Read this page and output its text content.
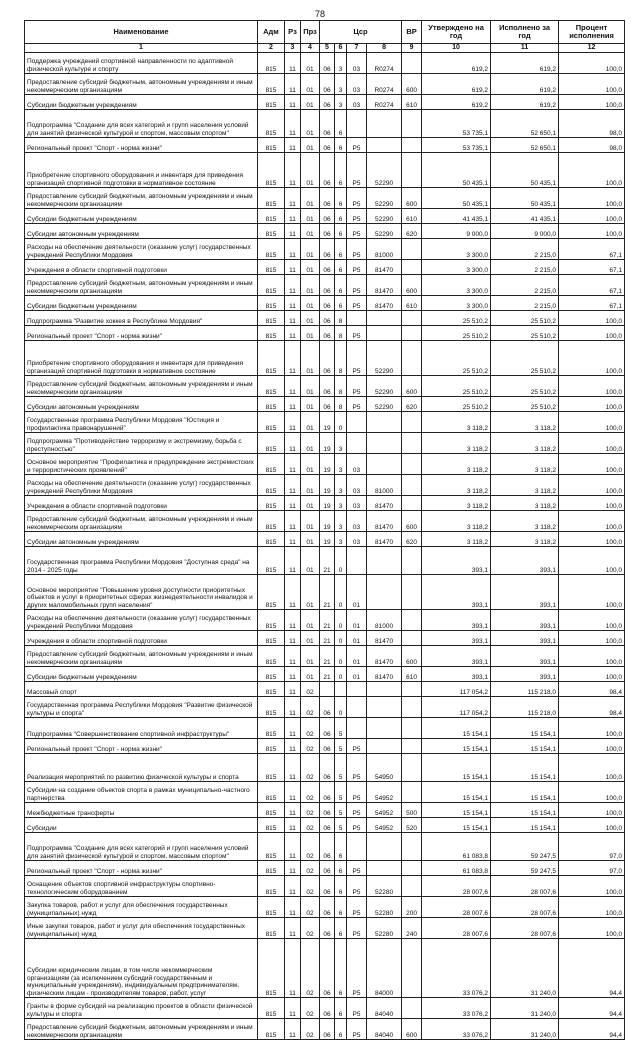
78
Наименование	Адм	Рз	Прз	Цср				ВР	Утверждено на год	Исполнено за год	Процент исполнения
1	2	3	4	5	6	7	8	9	10	11	12
Поддержка учреждений спортивной направленности по адаптивной физической культуре и спорту	815	11	01	06	3	03	R0274		619,2	619,2	100,0
Предоставление субсидий бюджетным, автономным учреждениям и иным некоммерческим организациям	815	11	01	06	3	03	R0274	600	619,2	619,2	100,0
Субсидии бюджетным учреждениям	815	11	01	06	3	03	R0274	610	619,2	619,2	100,0
Подпрограмма "Создание для всех категорий и групп населения условий для занятий физической культурой и спортом, массовым спортом"	815	11	01	06	6				53 735,1	52 650,1	98,0
Региональный проект "Спорт - норма жизни"	815	11	01	06	6	P5			53 735,1	52 650,1	98,0
Приобретение спортивного оборудования и инвентаря для приведения организаций спортивной подготовки в нормативное состояние	815	11	01	06	6	P5	52290		50 435,1	50 435,1	100,0
Предоставление субсидий бюджетным, автономным учреждениям и иным некоммерческим организациям	815	11	01	06	6	P5	52290	600	50 435,1	50 435,1	100,0
Субсидии бюджетным учреждениям	815	11	01	06	6	P5	52290	610	41 435,1	41 435,1	100,0
Субсидии автономным учреждениям	815	11	01	06	6	P5	52290	620	9 000,0	9 000,0	100,0
Расходы на обеспечение деятельности (оказание услуг) государственных учреждений Республики Мордовия	815	11	01	06	6	P5	81000		3 300,0	2 215,0	67,1
Учреждения в области спортивной подготовки	815	11	01	06	6	P5	81470		3 300,0	2 215,0	67,1
Предоставление субсидий бюджетным, автономным учреждениям и иным некоммерческим организациям	815	11	01	06	6	P5	81470	600	3 300,0	2 215,0	67,1
Субсидии бюджетным учреждениям	815	11	01	06	6	P5	81470	610	3 300,0	2 215,0	67,1
Подпрограмма "Развитие хоккея в Республике Мордовия"	815	11	01	06	8				25 510,2	25 510,2	100,0
Региональный проект "Спорт - норма жизни"	815	11	01	06	8	P5			25 510,2	25 510,2	100,0
Приобретение спортивного оборудования и инвентаря для приведения организаций спортивной подготовки в нормативное состояние	815	11	01	06	8	P5	52290		25 510,2	25 510,2	100,0
Предоставление субсидий бюджетным, автономным учреждениям и иным некоммерческим организациям	815	11	01	06	8	P5	52290	600	25 510,2	25 510,2	100,0
Субсидии автономным учреждениям	815	11	01	06	8	P5	52290	620	25 510,2	25 510,2	100,0
Государственная программа Республики Мордовия "Юстиция и профилактика правонарушений"	815	11	01	19	0				3 118,2	3 118,2	100,0
Подпрограмма "Противодействие терроризму и экстремизму, борьба с преступностью"	815	11	01	19	3				3 118,2	3 118,2	100,0
Основное мероприятие "Профилактика и предупреждение экстремистских и террористических проявлений"	815	11	01	19	3	03			3 118,2	3 118,2	100,0
Расходы на обеспечение деятельности (оказание услуг) государственных учреждений Республики Мордовия	815	11	01	19	3	03	81000		3 118,2	3 118,2	100,0
Учреждения в области спортивной подготовки	815	11	01	19	3	03	81470		3 118,2	3 118,2	100,0
Предоставление субсидий бюджетным, автономным учреждениям и иным некоммерческим организациям	815	11	01	19	3	03	81470	600	3 118,2	3 118,2	100,0
Субсидии автономным учреждениям	815	11	01	19	3	03	81470	620	3 118,2	3 118,2	100,0
Государственная программа Республики Мордовия "Доступная среда" на 2014 - 2025 годы	815	11	01	21	0				393,1	393,1	100,0
Основное мероприятие "Повышение уровня доступности приоритетных объектов и услуг в приоритетных сферах жизнедеятельности инвалидов и других маломобильных групп населения"	815	11	01	21	0	01			393,1	393,1	100,0
Расходы на обеспечение деятельности (оказание услуг) государственных учреждений Республики Мордовия	815	11	01	21	0	01	81000		393,1	393,1	100,0
Учреждения в области спортивной подготовки	815	11	01	21	0	01	81470		393,1	393,1	100,0
Предоставление субсидий бюджетным, автономным учреждениям и иным некоммерческим организациям	815	11	01	21	0	01	81470	600	393,1	393,1	100,0
Субсидии бюджетным учреждениям	815	11	01	21	0	01	81470	610	393,1	393,1	100,0
Массовый спорт	815	11	02						117 054,2	115 218,0	98,4
Государственная программа Республики Мордовия "Развитие физической культуры и спорта"	815	11	02	06	0				117 054,2	115 218,0	98,4
Подпрограмма "Совершенствование спортивной инфраструктуры"	815	11	02	06	5				15 154,1	15 154,1	100,0
Региональный проект "Спорт - норма жизни"	815	11	02	06	5	P5			15 154,1	15 154,1	100,0
Реализация мероприятий по развитию физической культуры и спорта	815	11	02	06	5	P5	54950		15 154,1	15 154,1	100,0
Субсидии на создание объектов спорта в рамках муниципально-частного партнерства	815	11	02	06	5	P5	54952		15 154,1	15 154,1	100,0
Межбюджетные трансферты	815	11	02	06	5	P5	54952	500	15 154,1	15 154,1	100,0
Субсидии	815	11	02	06	5	P5	54952	520	15 154,1	15 154,1	100,0
Подпрограмма "Создание для всех категорий и групп населения условий для занятий физической культурой и спортом, массовым спортом"	815	11	02	06	6				61 083,8	59 247,5	97,0
Региональный проект "Спорт - норма жизни"	815	11	02	06	6	P5			61 083,8	59 247,5	97,0
Оснащение объектов спортивной инфраструктуры спортивно-технологическим оборудованием	815	11	02	06	6	P5	52280		28 007,6	28 007,6	100,0
Закупка товаров, работ и услуг для обеспечения государственных (муниципальных) нужд	815	11	02	06	6	P5	52280	200	28 007,6	28 007,6	100,0
Иные закупки товаров, работ и услуг для обеспечения государственных (муниципальных) нужд	815	11	02	06	6	P5	52280	240	28 007,6	28 007,6	100,0
Субсидии юридическим лицам, в том числе некоммерческим организациям (за исключением субсидий государственным и муниципальным учреждениям), индивидуальным предпринимателям, физическим лицам - производителям товаров, работ, услуг	815	11	02	06	6	P5	84000		33 076,2	31 240,0	94,4
Гранты в форме субсидий на реализацию проектов в области физической культуры и спорта	815	11	02	06	6	P5	84040		33 076,2	31 240,0	94,4
Предоставление субсидий бюджетным, автономным учреждениям и иным некоммерческим организациям	815	11	02	06	6	P5	84040	600	33 076,2	31 240,0	94,4
